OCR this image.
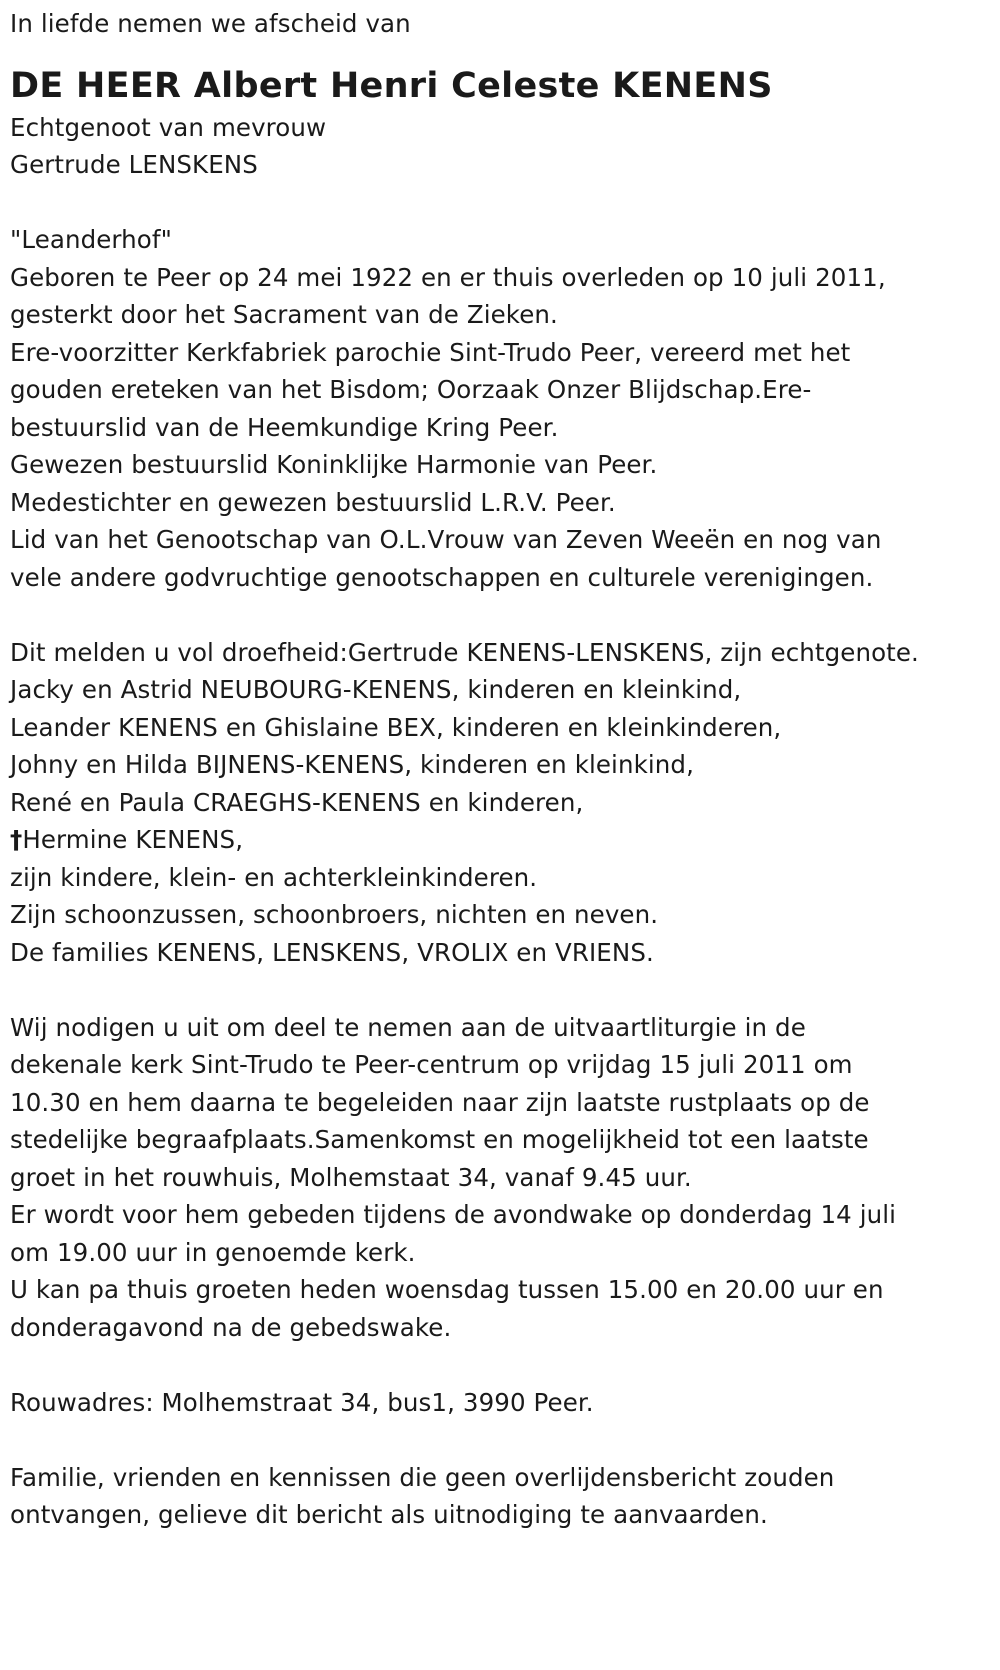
In liefde nemen we afscheid van
DE HEER Albert Henri Celeste KENENS
Echtgenoot van mevrouw
Gertrude LENSKENS
"Leanderhof"
Geboren te Peer op 24 mei 1922 en er thuis overleden op 10 juli 2011,
gesterkt door het Sacrament van de Zieken.
Ere-voorzitter Kerkfabriek parochie Sint-Trudo Peer, vereerd met het
gouden ereteken van het Bisdom; Oorzaak Onzer Blijdschap.Ere-
bestuurslid van de Heemkundige Kring Peer.
Gewezen bestuurslid Koninklijke Harmonie van Peer.
Medestichter en gewezen bestuurslid L.R.V. Peer.
Lid van het Genootschap van O.L.Vrouw van Zeven Weeën en nog van
vele andere godvruchtige genootschappen en culturele verenigingen.
Dit melden u vol droefheid:Gertrude KENENS-LENSKENS, zijn echtgenote.
Jacky en Astrid NEUBOURG-KENENS, kinderen en kleinkind,
Leander KENENS en Ghislaine BEX, kinderen en kleinkinderen,
Johny en Hilda BIJNENS-KENENS, kinderen en kleinkind,
René en Paula CRAEGHS-KENENS en kinderen,
†Hermine KENENS,
zijn kindere, klein- en achterkleinkinderen.
Zijn schoonzussen, schoonbroers, nichten en neven.
De families KENENS, LENSKENS, VROLIX en VRIENS.
Wij nodigen u uit om deel te nemen aan de uitvaartliturgie in de
dekenale kerk Sint-Trudo te Peer-centrum op vrijdag 15 juli 2011 om
10.30 en hem daarna te begeleiden naar zijn laatste rustplaats op de
stedelijke begraafplaats.Samenkomst en mogelijkheid tot een laatste
groet in het rouwhuis, Molhemstaat 34, vanaf 9.45 uur.
Er wordt voor hem gebeden tijdens de avondwake op donderdag 14 juli
om 19.00 uur in genoemde kerk.
U kan pa thuis groeten heden woensdag tussen 15.00 en 20.00 uur en
donderagavond na de gebedswake.
Rouwadres: Molhemstraat 34, bus1, 3990 Peer.
Familie, vrienden en kennissen die geen overlijdensbericht zouden
ontvangen, gelieve dit bericht als uitnodiging te aanvaarden.
